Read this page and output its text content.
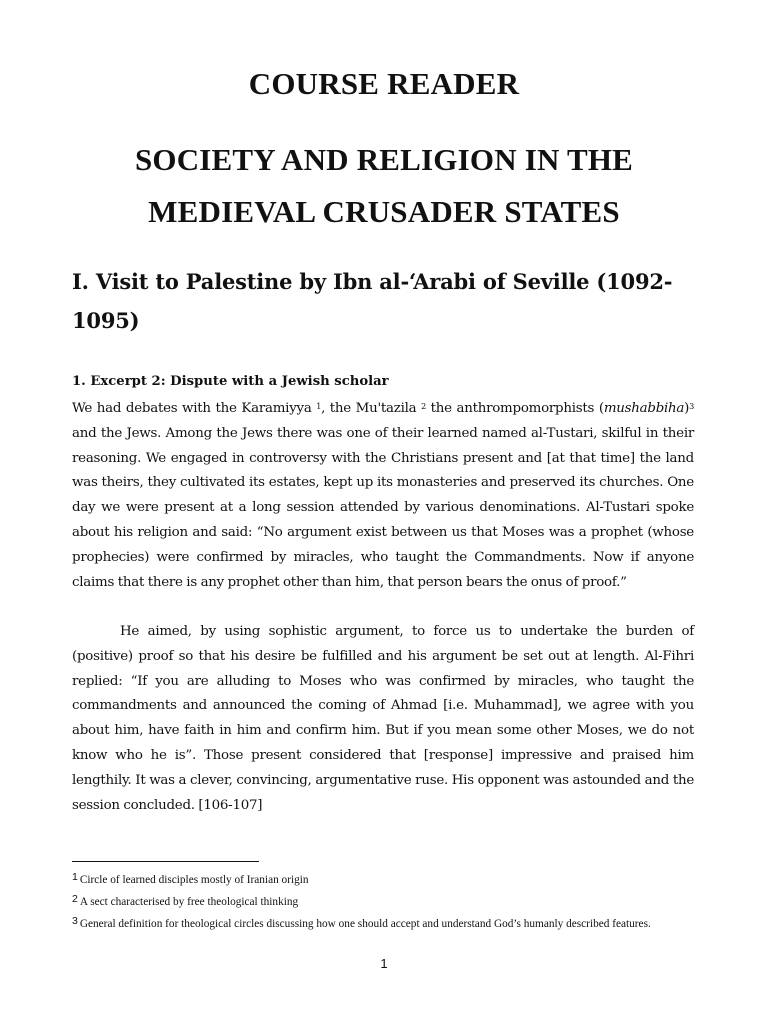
COURSE READER
SOCIETY AND RELIGION IN THE
MEDIEVAL CRUSADER STATES
I. Visit to Palestine by Ibn al-‘Arabi of Seville (1092-1095)
1. Excerpt 2: Dispute with a Jewish scholar

We had debates with the Karamiyya $^1$, the Mu'tazila $^2$ the anthrompomorphists (mushabbiha)$^3$ and the Jews. Among the Jews there was one of their learned named al-Tustari, skilful in their reasoning. We engaged in controversy with the Christians present and [at that time] the land was theirs, they cultivated its estates, kept up its monasteries and preserved its churches. One day we were present at a long session attended by various denominations. Al-Tustari spoke about his religion and said: “No argument exist between us that Moses was a prophet (whose prophecies) were confirmed by miracles, who taught the Commandments. Now if anyone claims that there is any prophet other than him, that person bears the onus of proof.”

He aimed, by using sophistic argument, to force us to undertake the burden of (positive) proof so that his desire be fulfilled and his argument be set out at length. Al-Fihri replied: “If you are alluding to Moses who was confirmed by miracles, who taught the commandments and announced the coming of Ahmad [i.e. Muhammad], we agree with you about him, have faith in him and confirm him. But if you mean some other Moses, we do not know who he is”. Those present considered that [response] impressive and praised him lengthily. It was a clever, convincing, argumentative ruse. His opponent was astounded and the session concluded. [106-107]

1 Circle of learned disciples mostly of Iranian origin

2 A sect characterised by free theological thinking

3 General definition for theological circles discussing how one should accept and understand God’s humanly described features.

1
